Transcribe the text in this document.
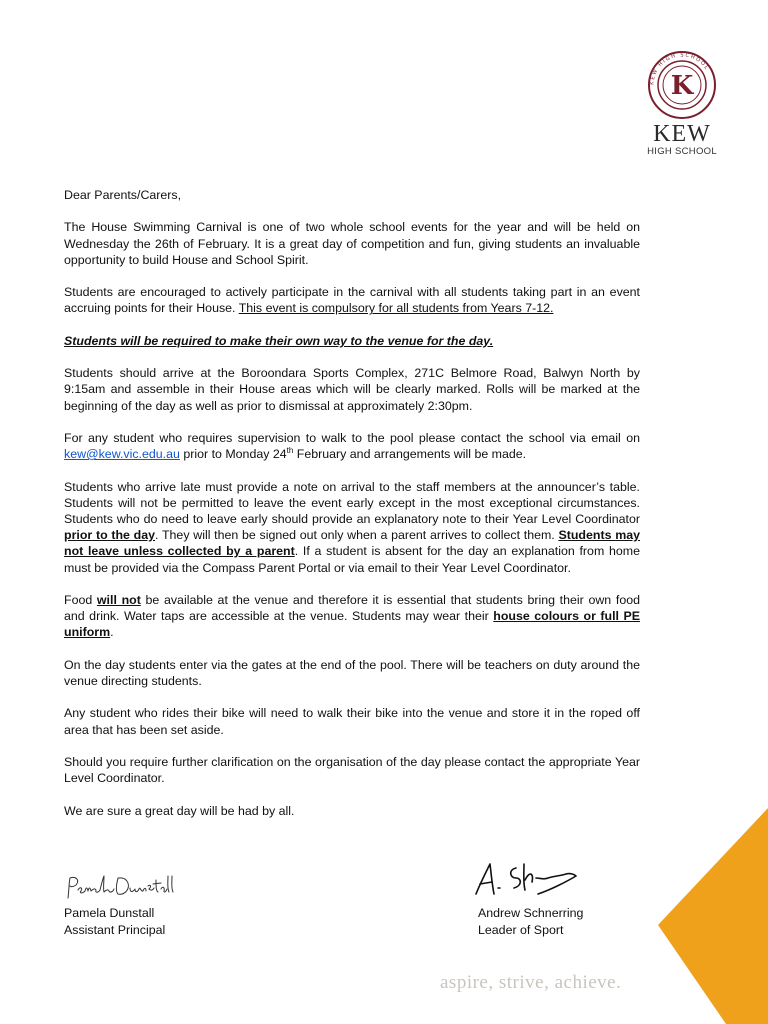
KEW HIGH SCHOOL
K
KEW
HIGH SCHOOL

Dear Parents/Carers,

The House Swimming Carnival is one of two whole school events for the year and will be held on Wednesday the 26th of February. It is a great day of competition and fun, giving students an invaluable opportunity to build House and School Spirit.

Students are encouraged to actively participate in the carnival with all students taking part in an event accruing points for their House. This event is compulsory for all students from Years 7-12.

Students will be required to make their own way to the venue for the day.

Students should arrive at the Boroondara Sports Complex, 271C Belmore Road, Balwyn North by 9:15am and assemble in their House areas which will be clearly marked. Rolls will be marked at the beginning of the day as well as prior to dismissal at approximately 2:30pm.

For any student who requires supervision to walk to the pool please contact the school via email on kew@kew.vic.edu.au prior to Monday 24th February and arrangements will be made.

Students who arrive late must provide a note on arrival to the staff members at the announcer’s table. Students will not be permitted to leave the event early except in the most exceptional circumstances. Students who do need to leave early should provide an explanatory note to their Year Level Coordinator prior to the day. They will then be signed out only when a parent arrives to collect them. Students may not leave unless collected by a parent. If a student is absent for the day an explanation from home must be provided via the Compass Parent Portal or via email to their Year Level Coordinator.

Food will not be available at the venue and therefore it is essential that students bring their own food and drink. Water taps are accessible at the venue. Students may wear their house colours or full PE uniform.

On the day students enter via the gates at the end of the pool. There will be teachers on duty around the venue directing students.

Any student who rides their bike will need to walk their bike into the venue and store it in the roped off area that has been set aside.

Should you require further clarification on the organisation of the day please contact the appropriate Year Level Coordinator.

We are sure a great day will be had by all.

Pamela Dunstall
Assistant Principal
Andrew Schnerring
Leader of Sport
aspire, strive, achieve.
